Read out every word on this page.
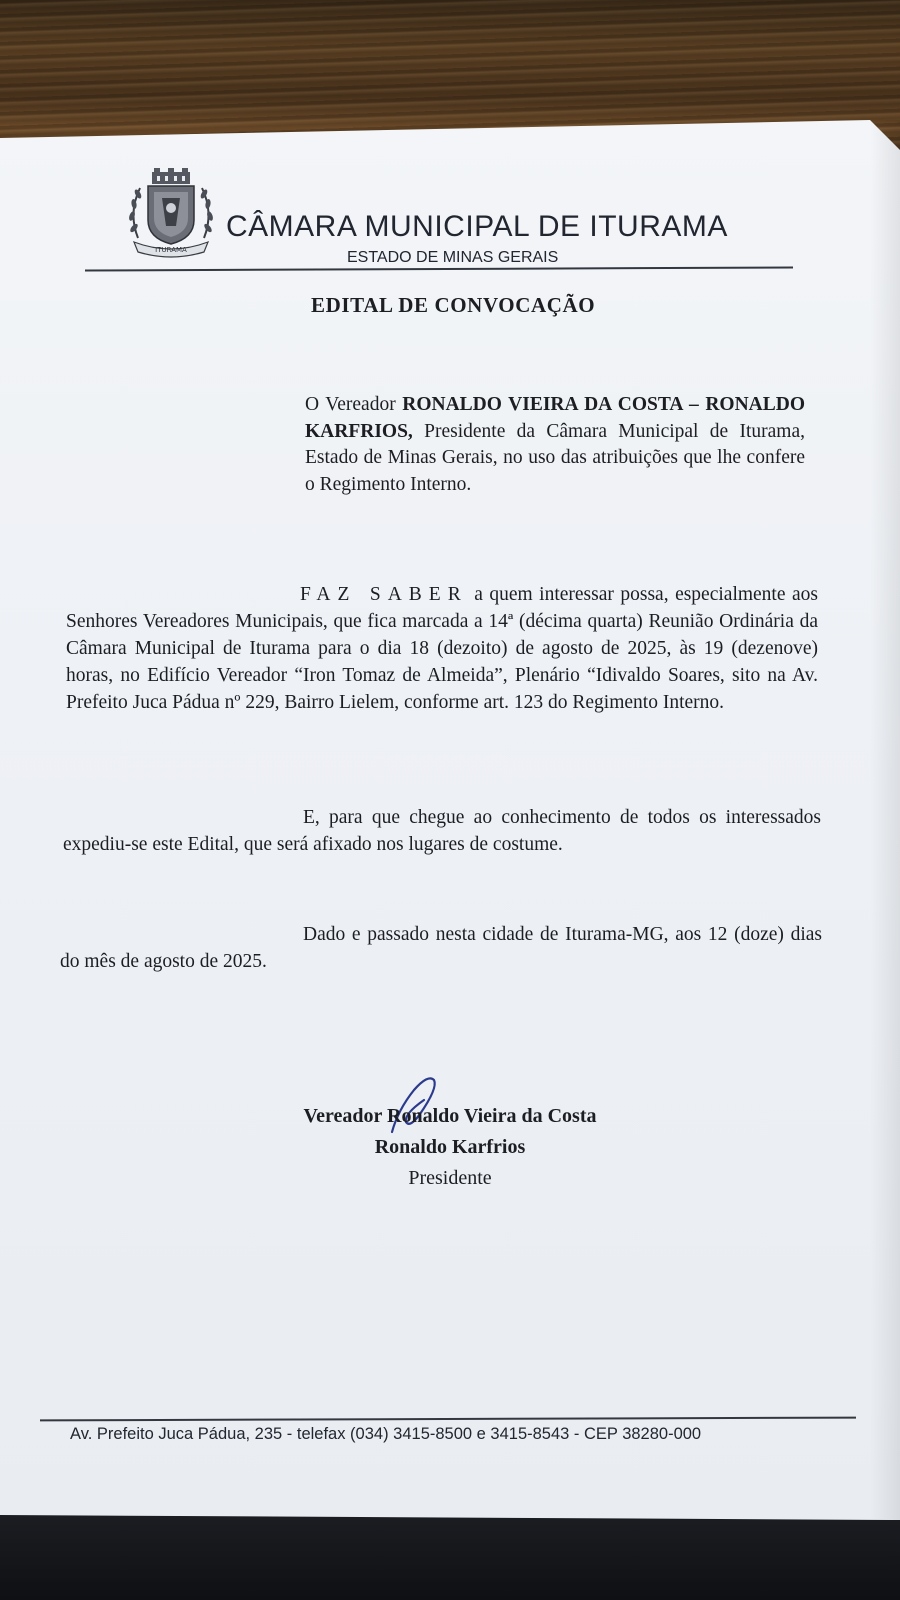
ITURAMA
CÂMARA MUNICIPAL DE ITURAMA
ESTADO DE MINAS GERAIS
EDITAL DE CONVOCAÇÃO
O Vereador RONALDO VIEIRA DA COSTA – RONALDO KARFRIOS, Presidente da Câmara Municipal de Iturama, Estado de Minas Gerais, no uso das atribuições que lhe confere o Regimento Interno.
FAZ SABER a quem interessar possa, especialmente aos Senhores Vereadores Municipais, que fica marcada a 14ª (décima quarta) Reunião Ordinária da Câmara Municipal de Iturama para o dia 18 (dezoito) de agosto de 2025, às 19 (dezenove) horas, no Edifício Vereador “Iron Tomaz de Almeida”, Plenário “Idivaldo Soares, sito na Av. Prefeito Juca Pádua nº 229, Bairro Lielem, conforme art. 123 do Regimento Interno.
E, para que chegue ao conhecimento de todos os interessados expediu-se este Edital, que será afixado nos lugares de costume.
Dado e passado nesta cidade de Iturama-MG, aos 12 (doze) dias do mês de agosto de 2025.
Vereador Ronaldo Vieira da Costa
Ronaldo Karfrios
Presidente
Av. Prefeito Juca Pádua, 235 - telefax (034) 3415-8500 e 3415-8543 - CEP 38280-000
